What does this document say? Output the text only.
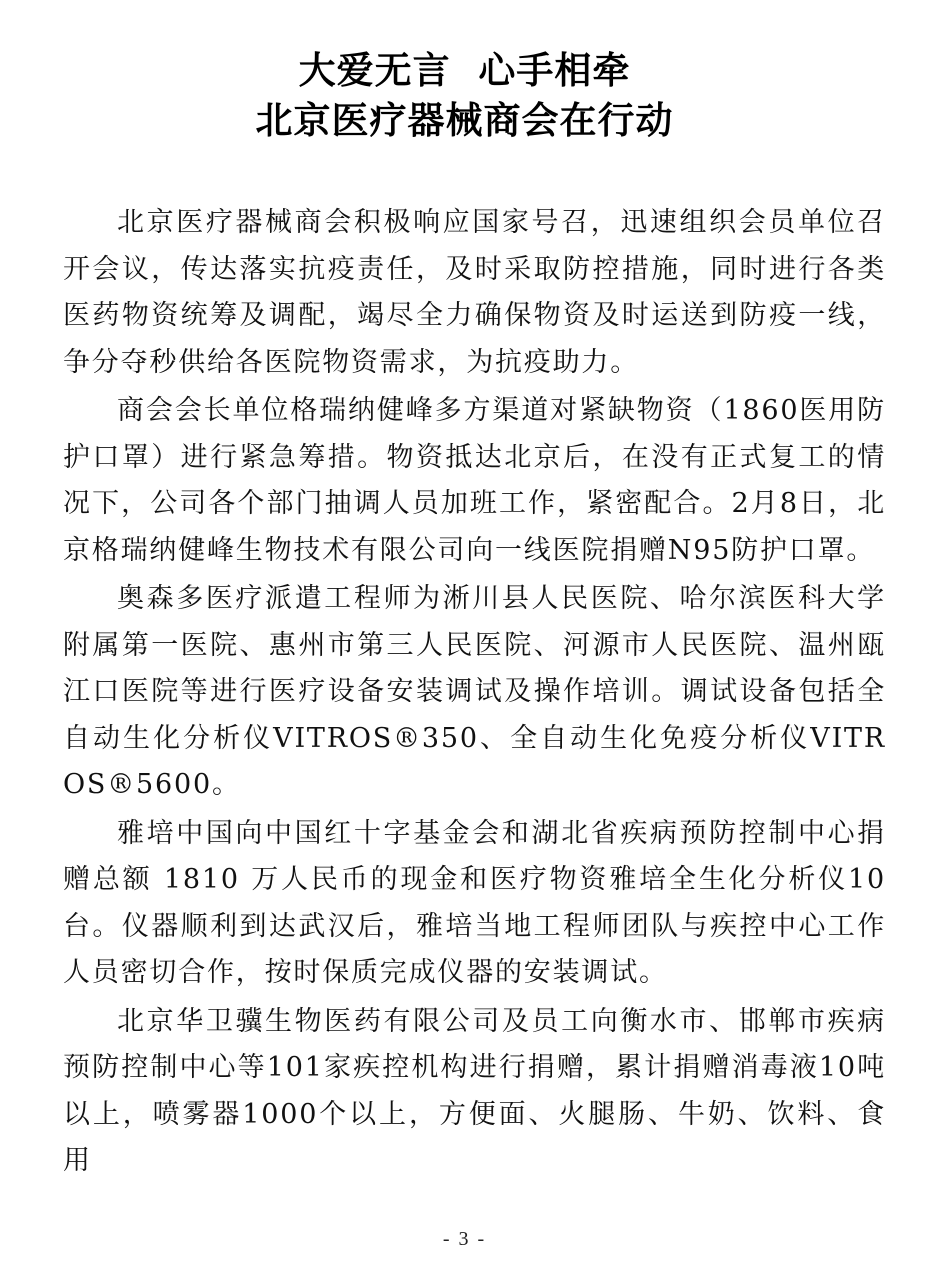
大爱无言  心手相牵
北京医疗器械商会在行动

北京医疗器械商会积极响应国家号召，迅速组织会员单位召开会议，传达落实抗疫责任，及时采取防控措施，同时进行各类医药物资统筹及调配，竭尽全力确保物资及时运送到防疫一线，争分夺秒供给各医院物资需求，为抗疫助力。

商会会长单位格瑞纳健峰多方渠道对紧缺物资（1860医用防护口罩）进行紧急筹措。物资抵达北京后，在没有正式复工的情况下，公司各个部门抽调人员加班工作，紧密配合。2月8日，北京格瑞纳健峰生物技术有限公司向一线医院捐赠N95防护口罩。

奥森多医疗派遣工程师为淅川县人民医院、哈尔滨医科大学附属第一医院、惠州市第三人民医院、河源市人民医院、温州瓯江口医院等进行医疗设备安装调试及操作培训。调试设备包括全自动生化分析仪VITROS®350、全自动生化免疫分析仪VITROS®5600。

雅培中国向中国红十字基金会和湖北省疾病预防控制中心捐赠总额 1810 万人民币的现金和医疗物资雅培全生化分析仪10台。仪器顺利到达武汉后，雅培当地工程师团队与疾控中心工作人员密切合作，按时保质完成仪器的安装调试。

北京华卫骥生物医药有限公司及员工向衡水市、邯郸市疾病预防控制中心等101家疾控机构进行捐赠，累计捐赠消毒液10吨以上，喷雾器1000个以上，方便面、火腿肠、牛奶、饮料、食用

- 3 -
